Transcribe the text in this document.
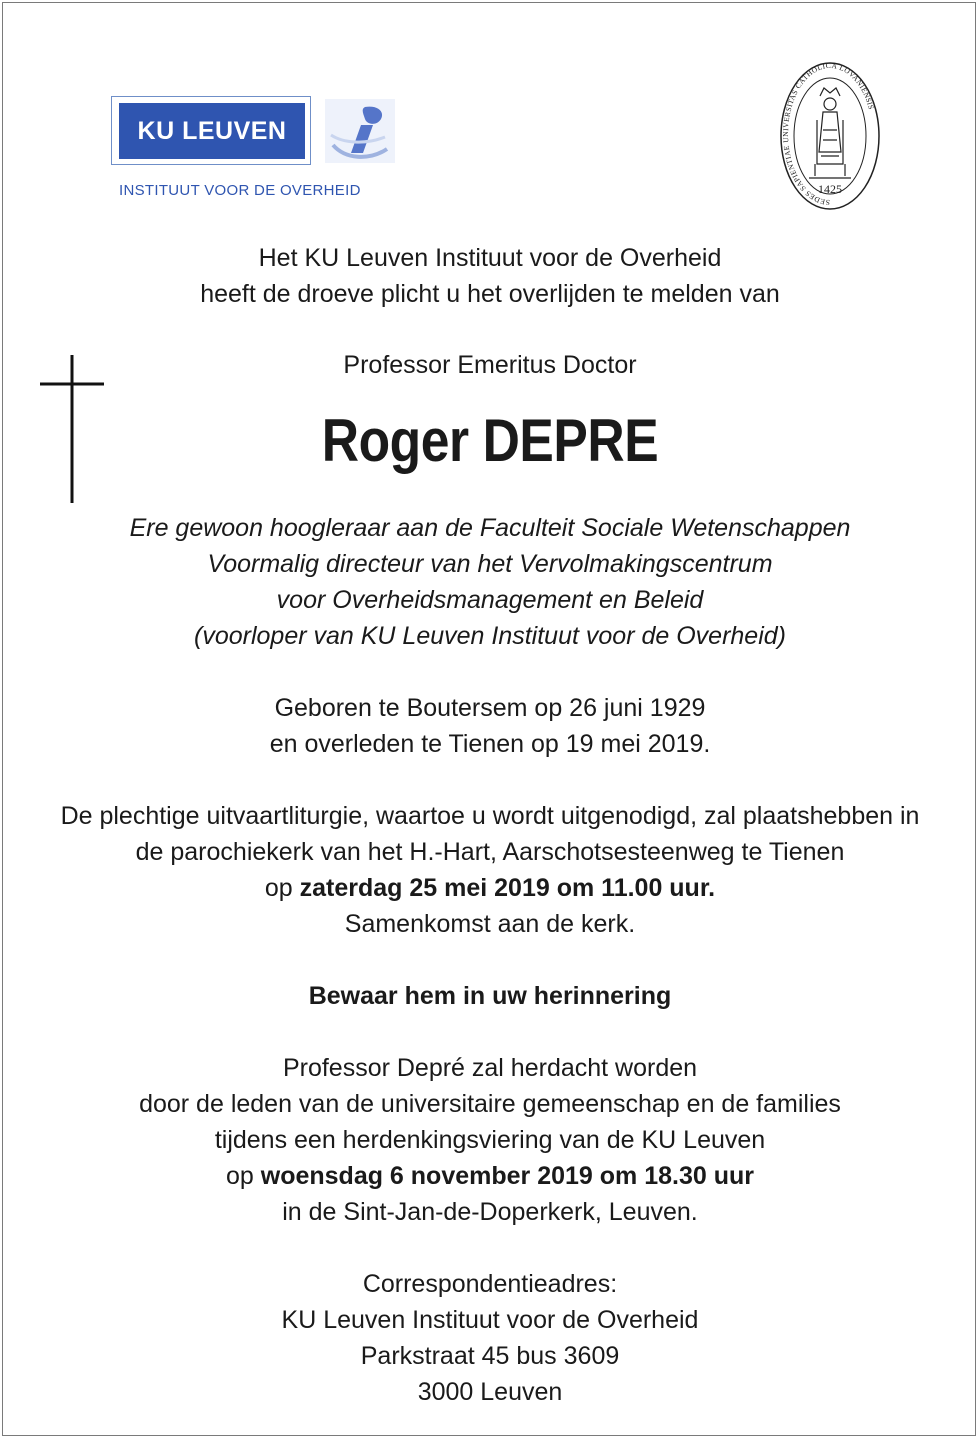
KU LEUVEN
INSTITUUT VOOR DE OVERHEID
SEDES SAPIENTIAE UNIVERSITAS CATHOLICA LOVANIENSIS
1425

Het KU Leuven Instituut voor de Overheid

heeft de droeve plicht u het overlijden te melden van

Professor Emeritus Doctor

Roger DEPRE

Ere gewoon hoogleraar aan de Faculteit Sociale Wetenschappen

Voormalig directeur van het Vervolmakingscentrum

voor Overheidsmanagement en Beleid

(voorloper van KU Leuven Instituut voor de Overheid)

Geboren te Boutersem op 26 juni 1929

en overleden te Tienen op 19 mei 2019.

De plechtige uitvaartliturgie, waartoe u wordt uitgenodigd, zal plaatshebben in

de parochiekerk van het H.-Hart, Aarschotsesteenweg te Tienen

op zaterdag 25 mei 2019 om 11.00 uur.

Samenkomst aan de kerk.

Bewaar hem in uw herinnering

Professor Depré zal herdacht worden

door de leden van de universitaire gemeenschap en de families

tijdens een herdenkingsviering van de KU Leuven

op woensdag 6 november 2019 om 18.30 uur

in de Sint-Jan-de-Doperkerk, Leuven.

Correspondentieadres:

KU Leuven Instituut voor de Overheid

Parkstraat 45 bus 3609

3000 Leuven
